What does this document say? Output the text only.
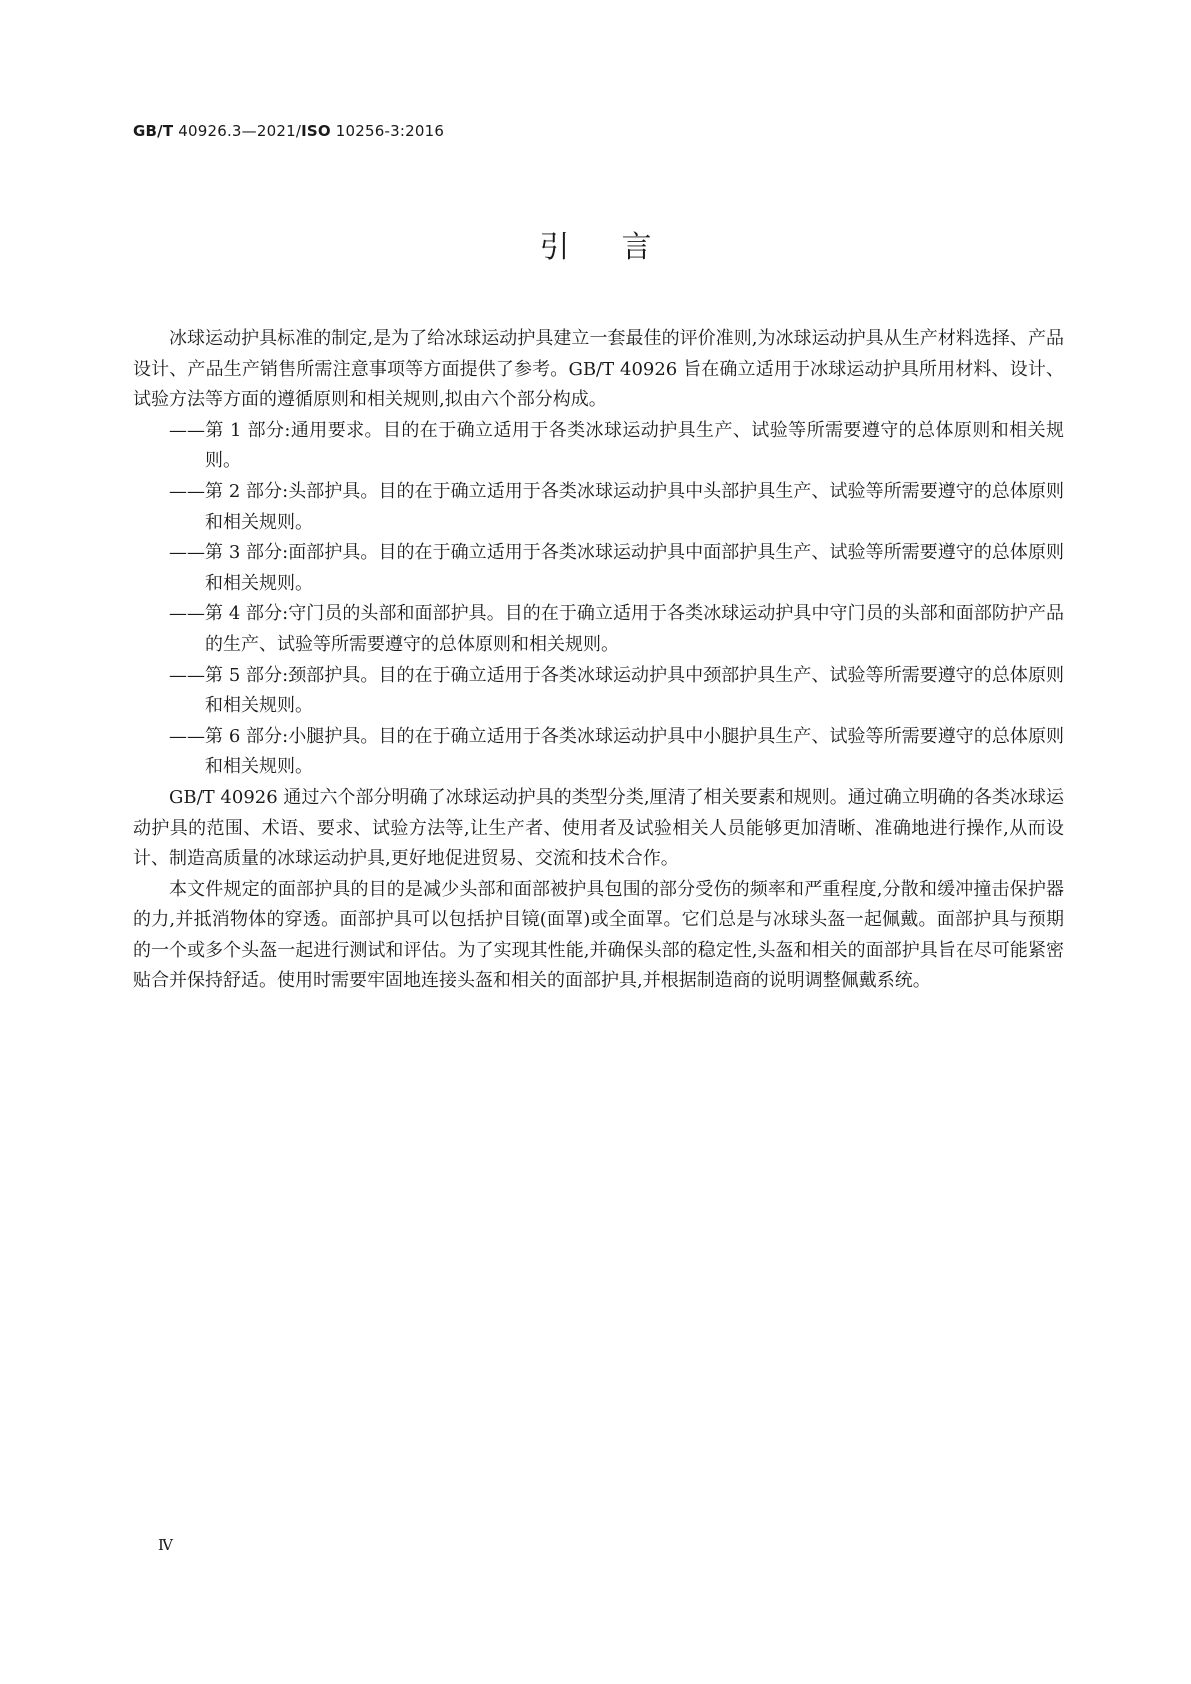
GB/T 40926.3—2021/ISO 10256-3:2016
引言

冰球运动护具标准的制定,是为了给冰球运动护具建立一套最佳的评价准则,为冰球运动护具从生产材料选择、产品设计、产品生产销售所需注意事项等方面提供了参考。GB/T 40926 旨在确立适用于冰球运动护具所用材料、设计、试验方法等方面的遵循原则和相关规则,拟由六个部分构成。

——第 1 部分:通用要求。目的在于确立适用于各类冰球运动护具生产、试验等所需要遵守的总体原则和相关规则。
——第 2 部分:头部护具。目的在于确立适用于各类冰球运动护具中头部护具生产、试验等所需要遵守的总体原则和相关规则。
——第 3 部分:面部护具。目的在于确立适用于各类冰球运动护具中面部护具生产、试验等所需要遵守的总体原则和相关规则。
——第 4 部分:守门员的头部和面部护具。目的在于确立适用于各类冰球运动护具中守门员的头部和面部防护产品的生产、试验等所需要遵守的总体原则和相关规则。
——第 5 部分:颈部护具。目的在于确立适用于各类冰球运动护具中颈部护具生产、试验等所需要遵守的总体原则和相关规则。
——第 6 部分:小腿护具。目的在于确立适用于各类冰球运动护具中小腿护具生产、试验等所需要遵守的总体原则和相关规则。

GB/T 40926 通过六个部分明确了冰球运动护具的类型分类,厘清了相关要素和规则。通过确立明确的各类冰球运动护具的范围、术语、要求、试验方法等,让生产者、使用者及试验相关人员能够更加清晰、准确地进行操作,从而设计、制造高质量的冰球运动护具,更好地促进贸易、交流和技术合作。

本文件规定的面部护具的目的是减少头部和面部被护具包围的部分受伤的频率和严重程度,分散和缓冲撞击保护器的力,并抵消物体的穿透。面部护具可以包括护目镜(面罩)或全面罩。它们总是与冰球头盔一起佩戴。面部护具与预期的一个或多个头盔一起进行测试和评估。为了实现其性能,并确保头部的稳定性,头盔和相关的面部护具旨在尽可能紧密贴合并保持舒适。使用时需要牢固地连接头盔和相关的面部护具,并根据制造商的说明调整佩戴系统。

Ⅳ
